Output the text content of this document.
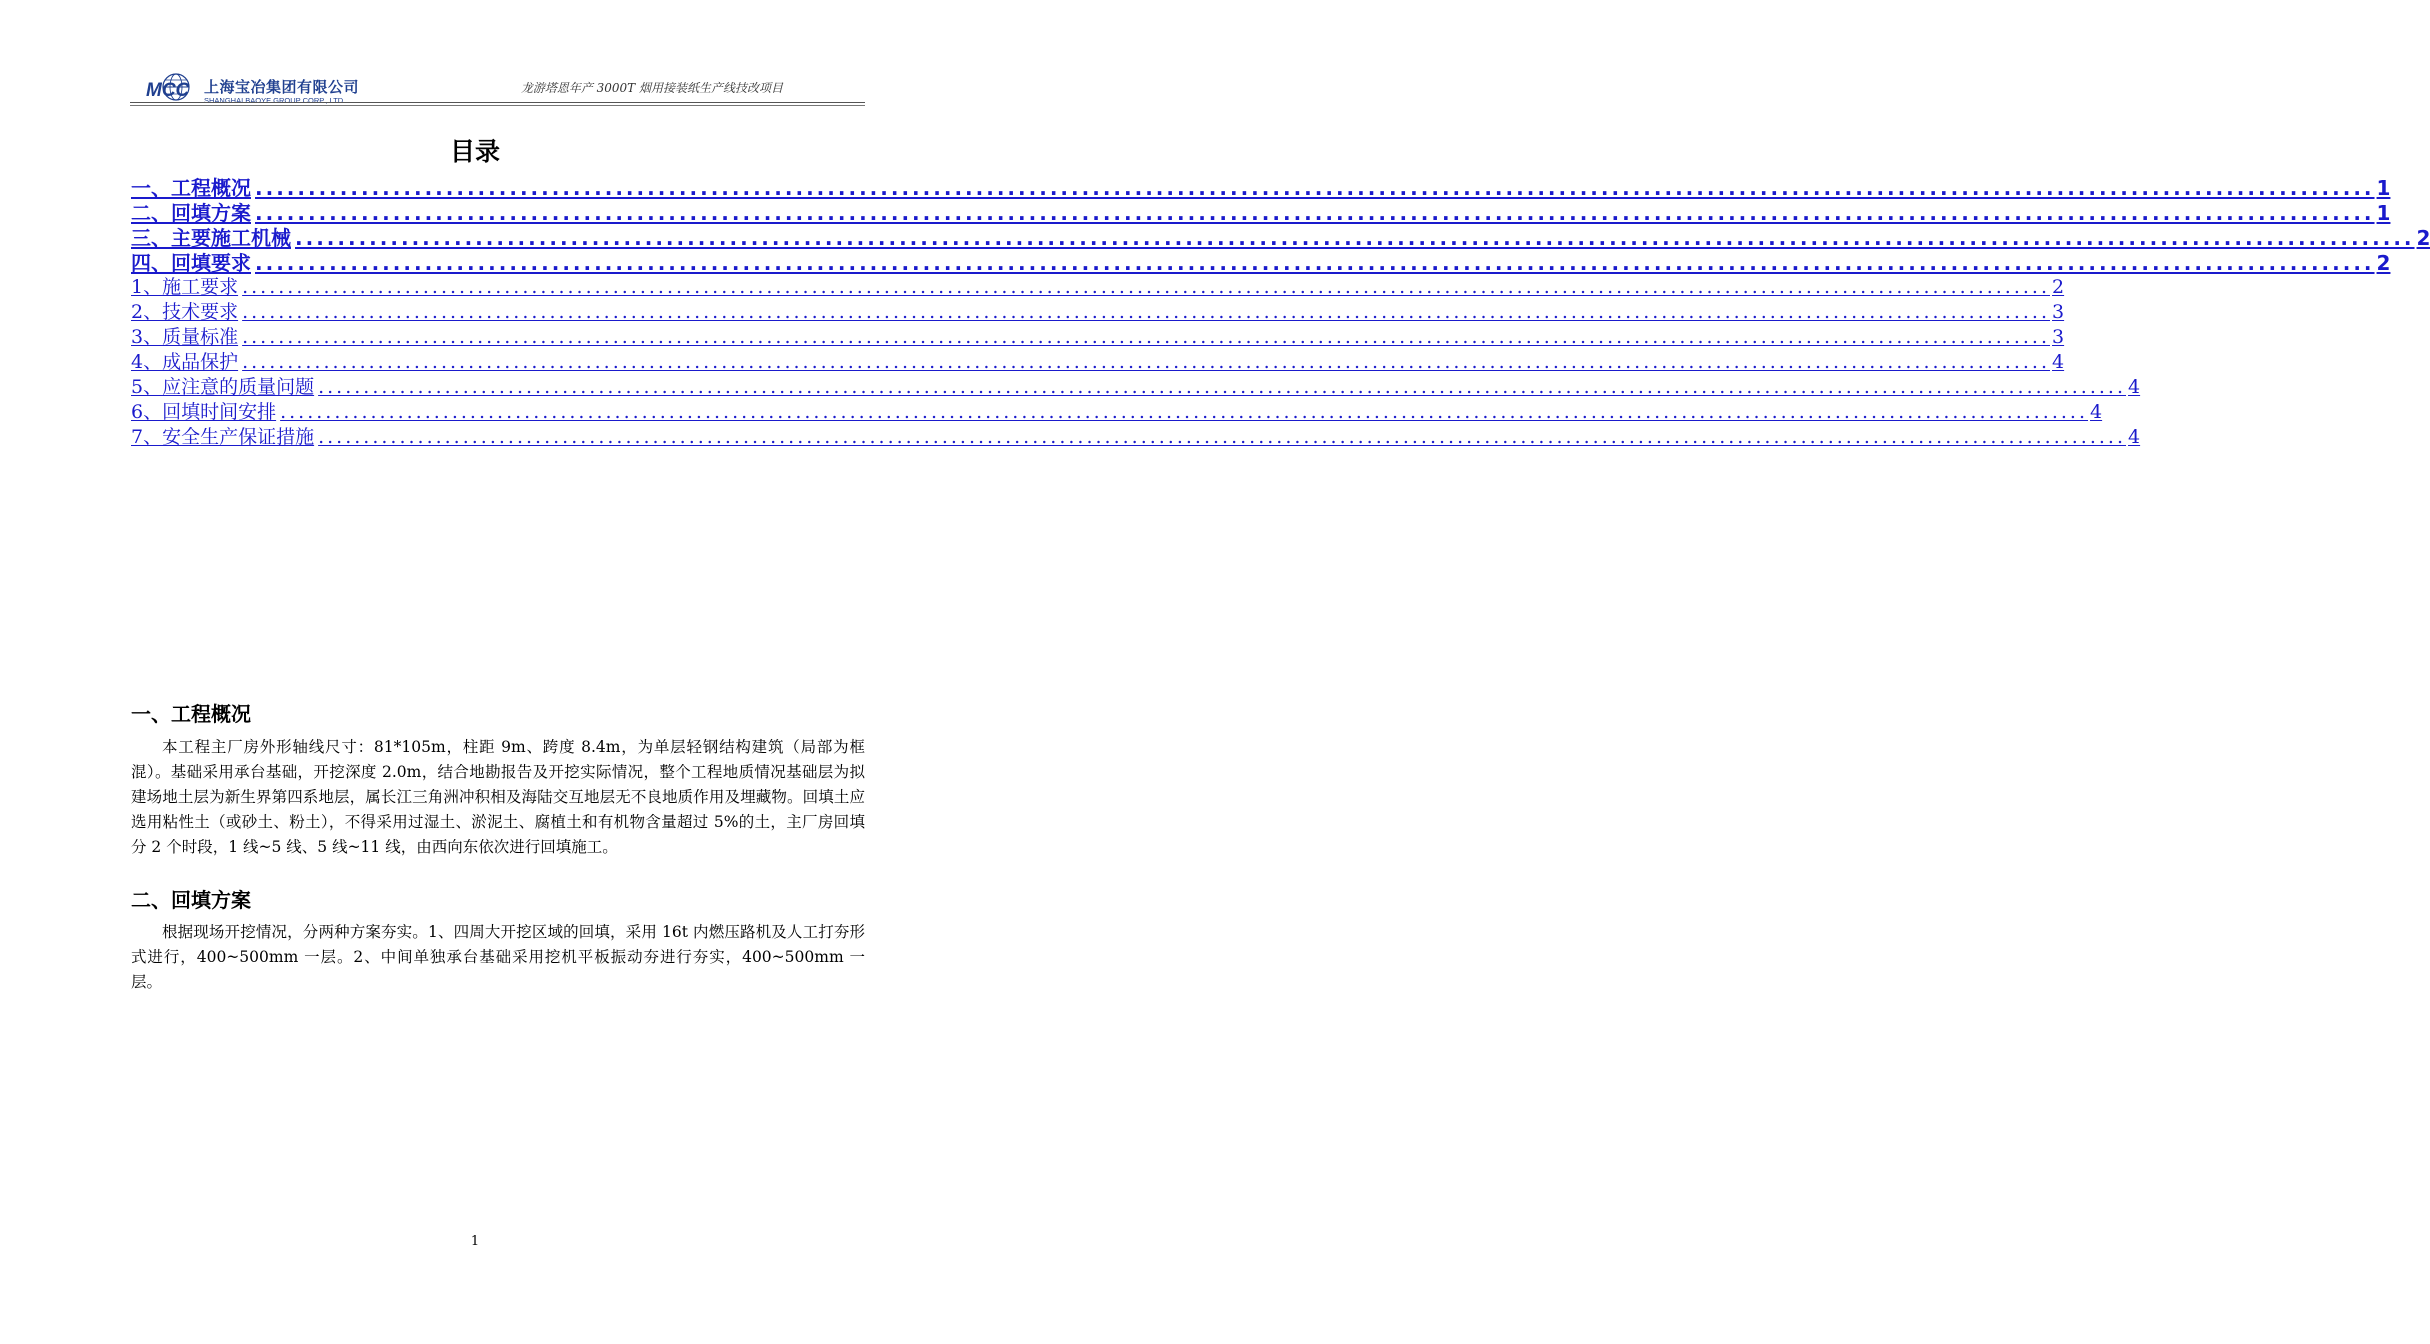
MCC 上海宝冶集团有限公司
SHANGHAI BAOYE GROUP CORP., LTD.
龙游塔恩年产 3000T 烟用接装纸生产线技改项目
目录
一、工程概况 ........................................................................................................................................................................................................ 1
二、回填方案 ........................................................................................................................................................................................................ 1
三、主要施工机械 ........................................................................................................................................................................................................ 2
四、回填要求 ........................................................................................................................................................................................................ 2
1、施工要求 ........................................................................................................................................................................................................ 2
2、技术要求 ........................................................................................................................................................................................................ 3
3、质量标准 ........................................................................................................................................................................................................ 3
4、成品保护 ........................................................................................................................................................................................................ 4
5、应注意的质量问题 ........................................................................................................................................................................................................ 4
6、回填时间安排 ........................................................................................................................................................................................................ 4
7、安全生产保证措施 ........................................................................................................................................................................................................ 4
一、工程概况
本工程主厂房外形轴线尺寸：81*105m，柱距 9m、跨度 8.4m，为单层轻钢结构建筑（局部为框混）。基础采用承台基础，开挖深度 2.0m，结合地勘报告及开挖实际情况，整个工程地质情况基础层为拟建场地土层为新生界第四系地层，属长江三角洲冲积相及海陆交互地层无不良地质作用及埋藏物。回填土应选用粘性土（或砂土、粉土），不得采用过湿土、淤泥土、腐植土和有机物含量超过 5%的土，主厂房回填分 2 个时段，1 线~5 线、5 线~11 线，由西向东依次进行回填施工。
二、回填方案
根据现场开挖情况，分两种方案夯实。1、四周大开挖区域的回填，采用 16t 内燃压路机及人工打夯形式进行，400~500mm 一层。2、中间单独承台基础采用挖机平板振动夯进行夯实，400~500mm 一层。
1
